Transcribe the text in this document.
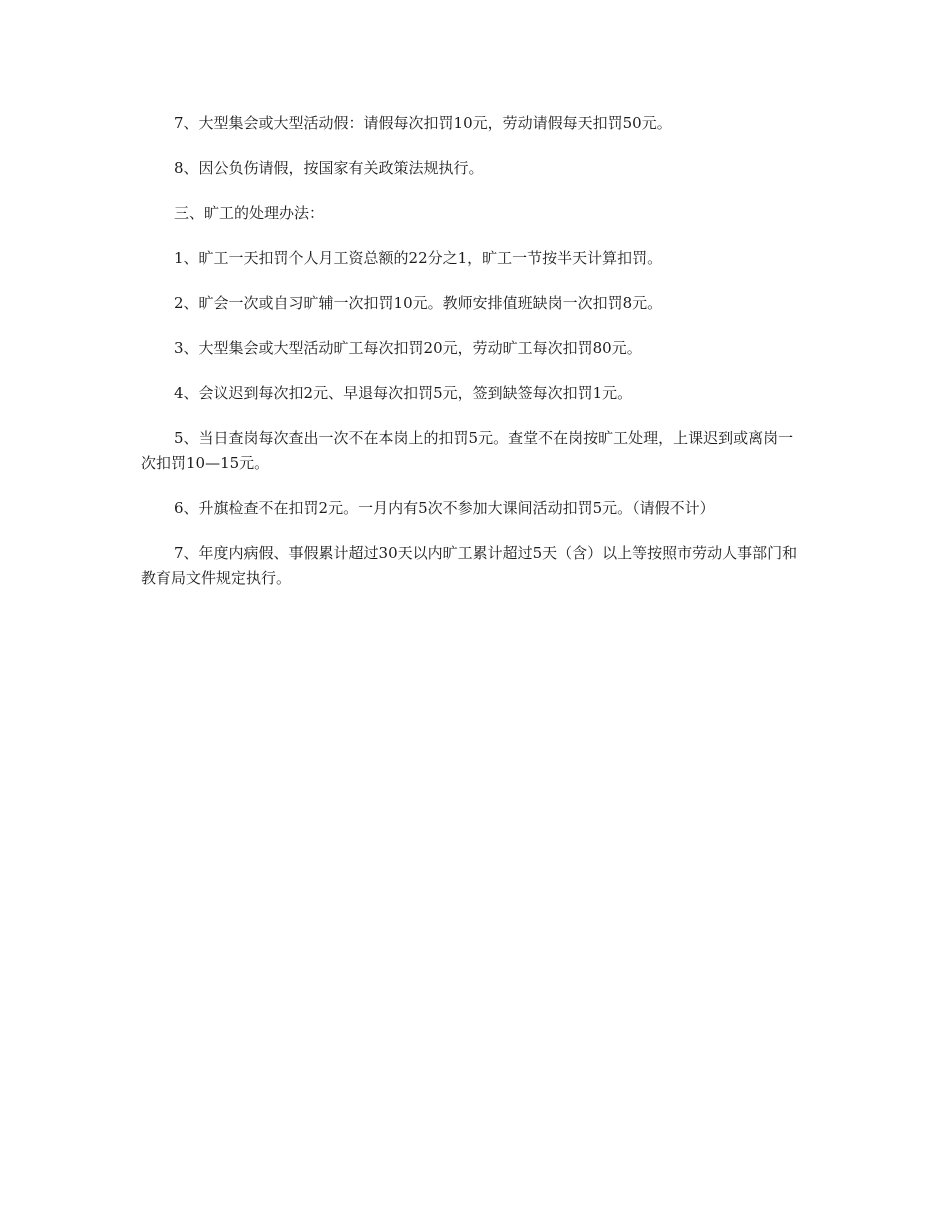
7、大型集会或大型活动假：请假每次扣罚10元，劳动请假每天扣罚50元。

8、因公负伤请假，按国家有关政策法规执行。

三、旷工的处理办法：

1、旷工一天扣罚个人月工资总额的22分之1，旷工一节按半天计算扣罚。

2、旷会一次或自习旷辅一次扣罚10元。教师安排值班缺岗一次扣罚8元。

3、大型集会或大型活动旷工每次扣罚20元，劳动旷工每次扣罚80元。

4、会议迟到每次扣2元、早退每次扣罚5元，签到缺签每次扣罚1元。

5、当日查岗每次查出一次不在本岗上的扣罚5元。查堂不在岗按旷工处理，上课迟到或离岗一次扣罚10—15元。

6、升旗检查不在扣罚2元。一月内有5次不参加大课间活动扣罚5元。（请假不计）

7、年度内病假、事假累计超过30天以内旷工累计超过5天（含）以上等按照市劳动人事部门和教育局文件规定执行。
